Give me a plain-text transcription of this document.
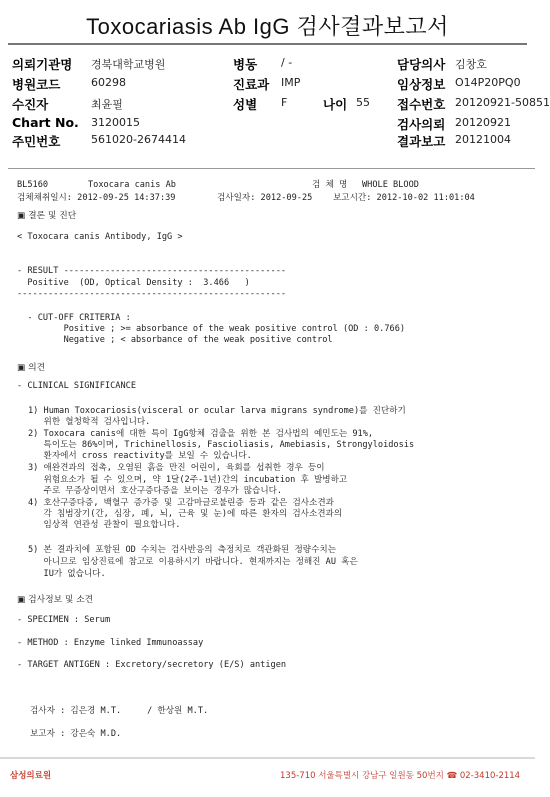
Toxocariasis Ab IgG 검사결과보고서
의뢰기관명 경북대학교병원
병원코드	60298
수진자	최윤필
Chart No. 3120015
주민번호	561020-2674414
병동 / -
진료과 IMP
성별 F	나이 55
담당의사 김창호
임상정보 O14P20PQ0
접수번호 20120921-50851
검사의뢰 20120921
결과보고 20121004
BL5160	Toxocara canis Ab	검 체 명 WHOLE BLOOD
검체채취일시: 2012-09-25 14:37:39	검사일자: 2012-09-25 보고시간: 2012-10-02 11:01:04
▣ 결론 및 진단
< Toxocara canis Antibody, IgG >
- RESULT -------------------------------------------
Positive  (OD, Optical Density :  3.466   )
----------------------------------------------------
- CUT-OFF CRITERIA :
Positive ; >= absorbance of the weak positive control (OD : 0.766)
Negative ; < absorbance of the weak positive control
▣ 의견
- CLINICAL SIGNIFICANCE
1) Human Toxocariosis(visceral or ocular larva migrans syndrome)를 진단하기
위한 혈청학적 검사입니다.
2) Toxocara canis에 대한 특이 IgG항체 검출을 위한 본 검사법의 예민도는 91%,
특이도는 86%이며, Trichinellosis, Fascioliasis, Amebiasis, Strongyloidosis
환자에서 cross reactivity를 보일 수 있습니다.
3) 애완견과의 접촉, 오염된 흙을 만진 어린이, 육회를 섭취한 경우 등이
위험요소가 될 수 있으며, 약 1달(2주-1년)간의 incubation 후 발병하고
주로 무증상이면서 호산구증다증을 보이는 경우가 많습니다.
4) 호산구증다증, 백혈구 증가증 및 고감마글로불린증 등과 같은 검사소견과
각 침범장기(간, 심장, 폐, 뇌, 근육 및 눈)에 따른 환자의 검사소견과의
임상적 연관성 관찰이 필요합니다.
5) 본 결과치에 포함된 OD 수치는 검사반응의 측정치로 객관화된 정량수치는
아니므로 임상진료에 참고로 이용하시기 바랍니다. 현재까지는 정해진 AU 혹은
IU가 없습니다.
▣ 검사정보 및 소견
- SPECIMEN : Serum
- METHOD : Enzyme linked Immunoassay
- TARGET ANTIGEN : Excretory/secretory (E/S) antigen
검사자 : 김은경 M.T.     / 한상원 M.T.
보고자 : 강은숙 M.D.
삼성의료원	135-710 서울특별시 강남구 일원동 50번지 ☎ 02-3410-2114
